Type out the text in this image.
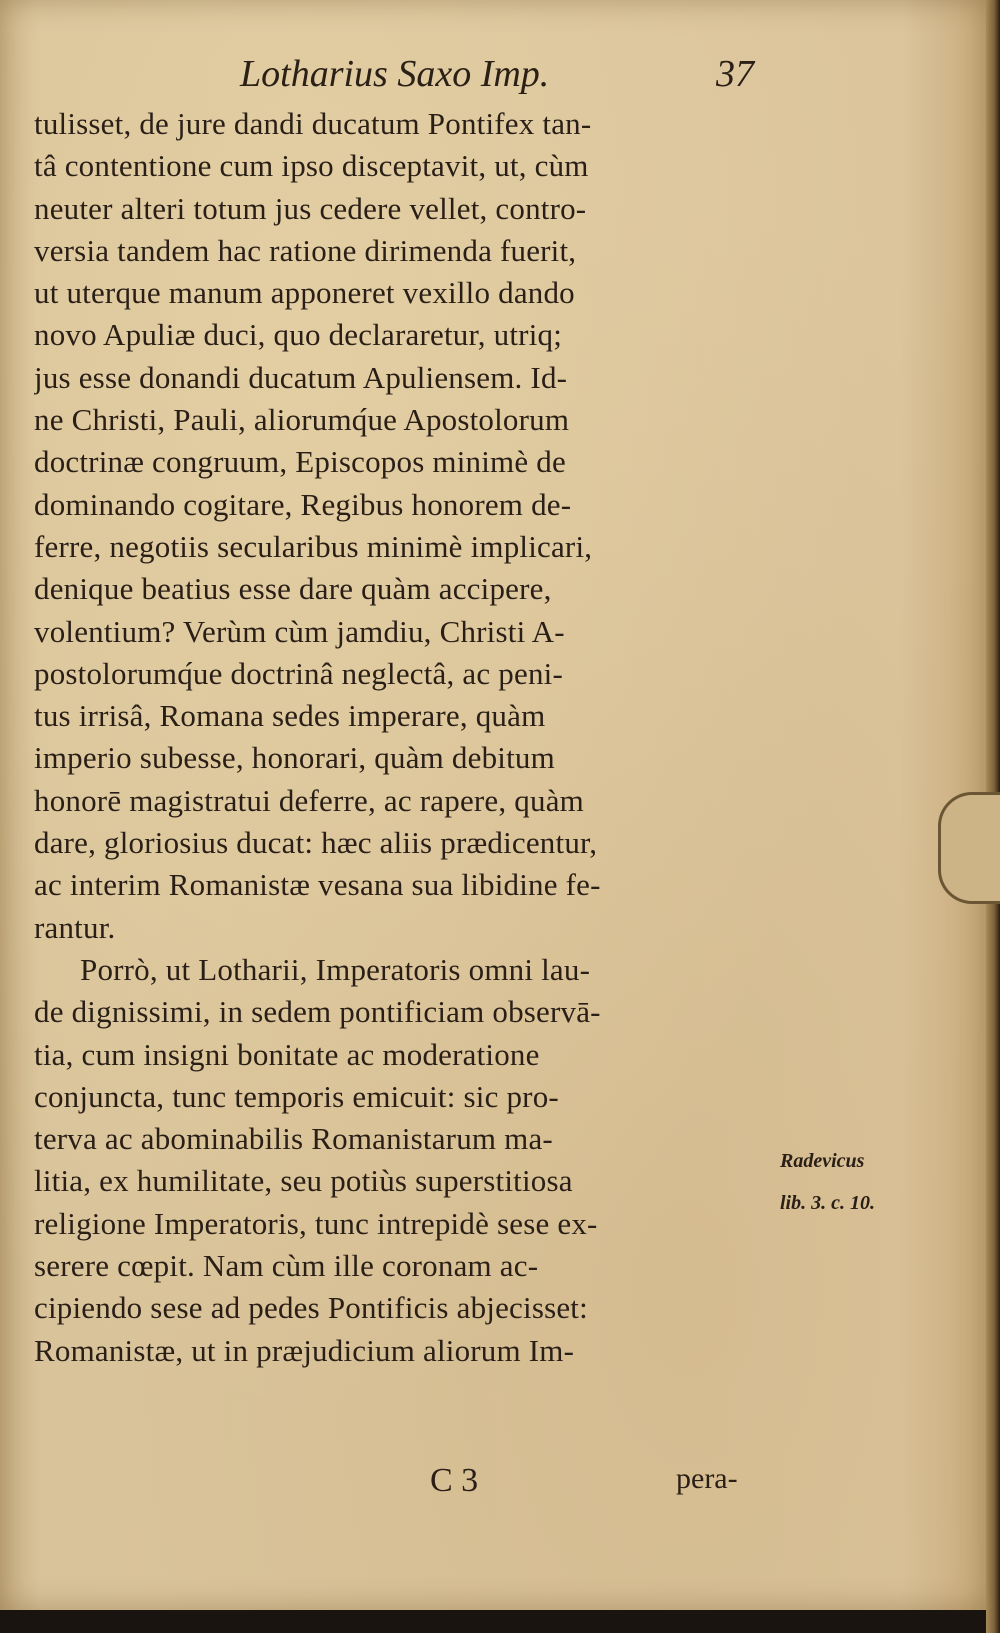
Lotharius Saxo Imp.	37
tulisset, de jure dandi ducatum Pontifex tan-
tâ contentione cum ipso disceptavit, ut, cùm
neuter alteri totum jus cedere vellet, contro-
versia tandem hac ratione dirimenda fuerit,
ut uterque manum apponeret vexillo dando
novo Apuliæ duci, quo declararetur, utriq;
jus esse donandi ducatum Apuliensem. Id-
ne Christi, Pauli, aliorumq́ue Apostolorum
doctrinæ congruum, Episcopos minimè de
dominando cogitare, Regibus honorem de-
ferre, negotiis secularibus minimè implicari,
denique beatius esse dare quàm accipere,
volentium? Verùm cùm jamdiu, Christi A-
postolorumq́ue doctrinâ neglectâ, ac peni-
tus irrisâ, Romana sedes imperare, quàm
imperio subesse, honorari, quàm debitum
honorē magistratui deferre, ac rapere, quàm
dare, gloriosius ducat: hæc aliis prædicentur,
ac interim Romanistæ vesana sua libidine fe-
rantur.
Porrò, ut Lotharii, Imperatoris omni lau-
de dignissimi, in sedem pontificiam observā-
tia, cum insigni bonitate ac moderatione
conjuncta, tunc temporis emicuit: sic pro-
terva ac abominabilis Romanistarum ma-
litia, ex humilitate, seu potiùs superstitiosa
religione Imperatoris, tunc intrepidè sese ex-
serere cœpit. Nam cùm ille coronam ac-
cipiendo sese ad pedes Pontificis abjecisset:
Romanistæ, ut in præjudicium aliorum Im-
Radevicus
lib. 3. c. 10.
C 3	pera-
